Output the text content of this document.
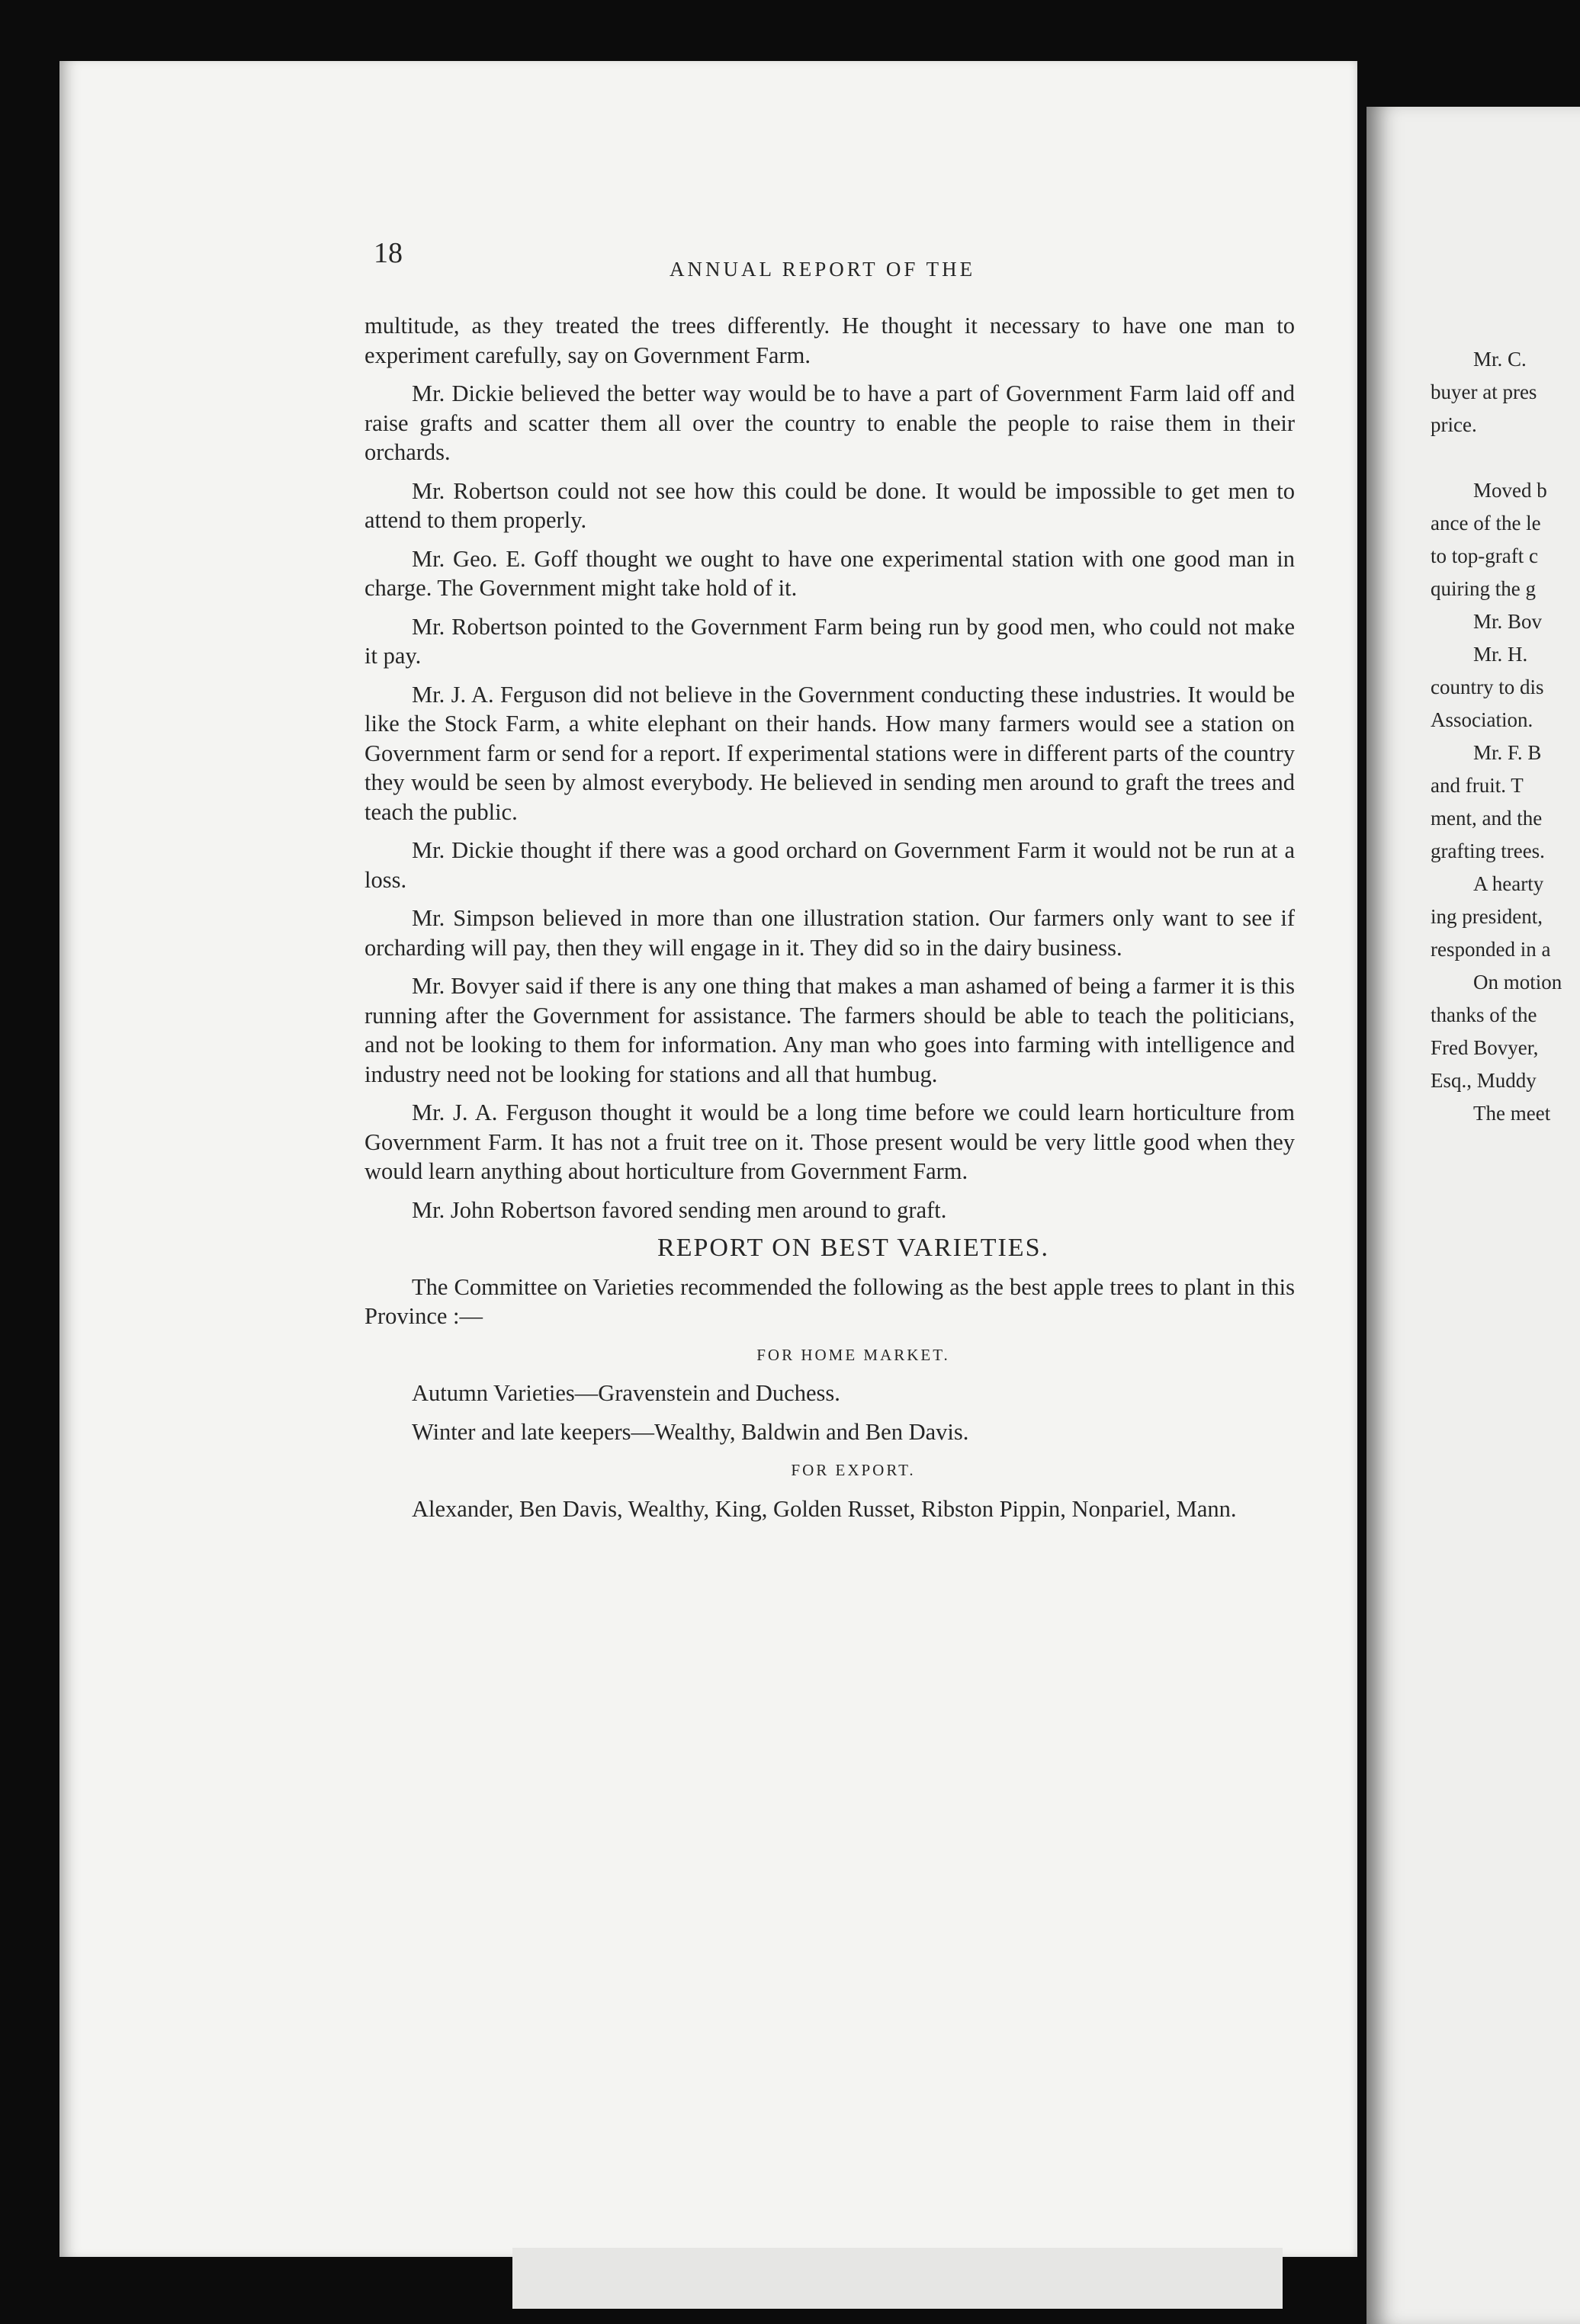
18	ANNUAL REPORT OF THE

multitude, as they treated the trees differently. He thought it necessary to have one man to experiment carefully, say on Government Farm.

Mr. Dickie believed the better way would be to have a part of Government Farm laid off and raise grafts and scatter them all over the country to enable the people to raise them in their orchards.

Mr. Robertson could not see how this could be done. It would be impossible to get men to attend to them properly.

Mr. Geo. E. Goff thought we ought to have one experimental station with one good man in charge. The Government might take hold of it.

Mr. Robertson pointed to the Government Farm being run by good men, who could not make it pay.

Mr. J. A. Ferguson did not believe in the Government conducting these industries. It would be like the Stock Farm, a white elephant on their hands. How many farmers would see a station on Government farm or send for a report. If experimental stations were in different parts of the country they would be seen by almost everybody. He believed in sending men around to graft the trees and teach the public.

Mr. Dickie thought if there was a good orchard on Government Farm it would not be run at a loss.

Mr. Simpson believed in more than one illustration station. Our farmers only want to see if orcharding will pay, then they will engage in it. They did so in the dairy business.

Mr. Bovyer said if there is any one thing that makes a man ashamed of being a farmer it is this running after the Government for assistance. The farmers should be able to teach the politicians, and not be looking to them for information. Any man who goes into farming with intelligence and industry need not be looking for stations and all that humbug.

Mr. J. A. Ferguson thought it would be a long time before we could learn horticulture from Government Farm. It has not a fruit tree on it. Those present would be very little good when they would learn anything about horticulture from Government Farm.

Mr. John Robertson favored sending men around to graft.

REPORT ON BEST VARIETIES.

The Committee on Varieties recommended the following as the best apple trees to plant in this Province :—

FOR HOME MARKET.

Autumn Varieties—Gravenstein and Duchess.

Winter and late keepers—Wealthy, Baldwin and Ben Davis.

FOR EXPORT.

Alexander, Ben Davis, Wealthy, King, Golden Russet, Ribston Pippin, Nonpariel, Mann.

Mr. C.
buyer at pres
price.
Moved b
ance of the le
to top-graft c
quiring the g
Mr. Bov
Mr. H.
country to dis
Association.
Mr. F. B
and fruit. T
ment, and the
grafting trees.
A hearty
ing president,
responded in a
On motion
thanks of the
Fred Bovyer,
Esq., Muddy
The meet
